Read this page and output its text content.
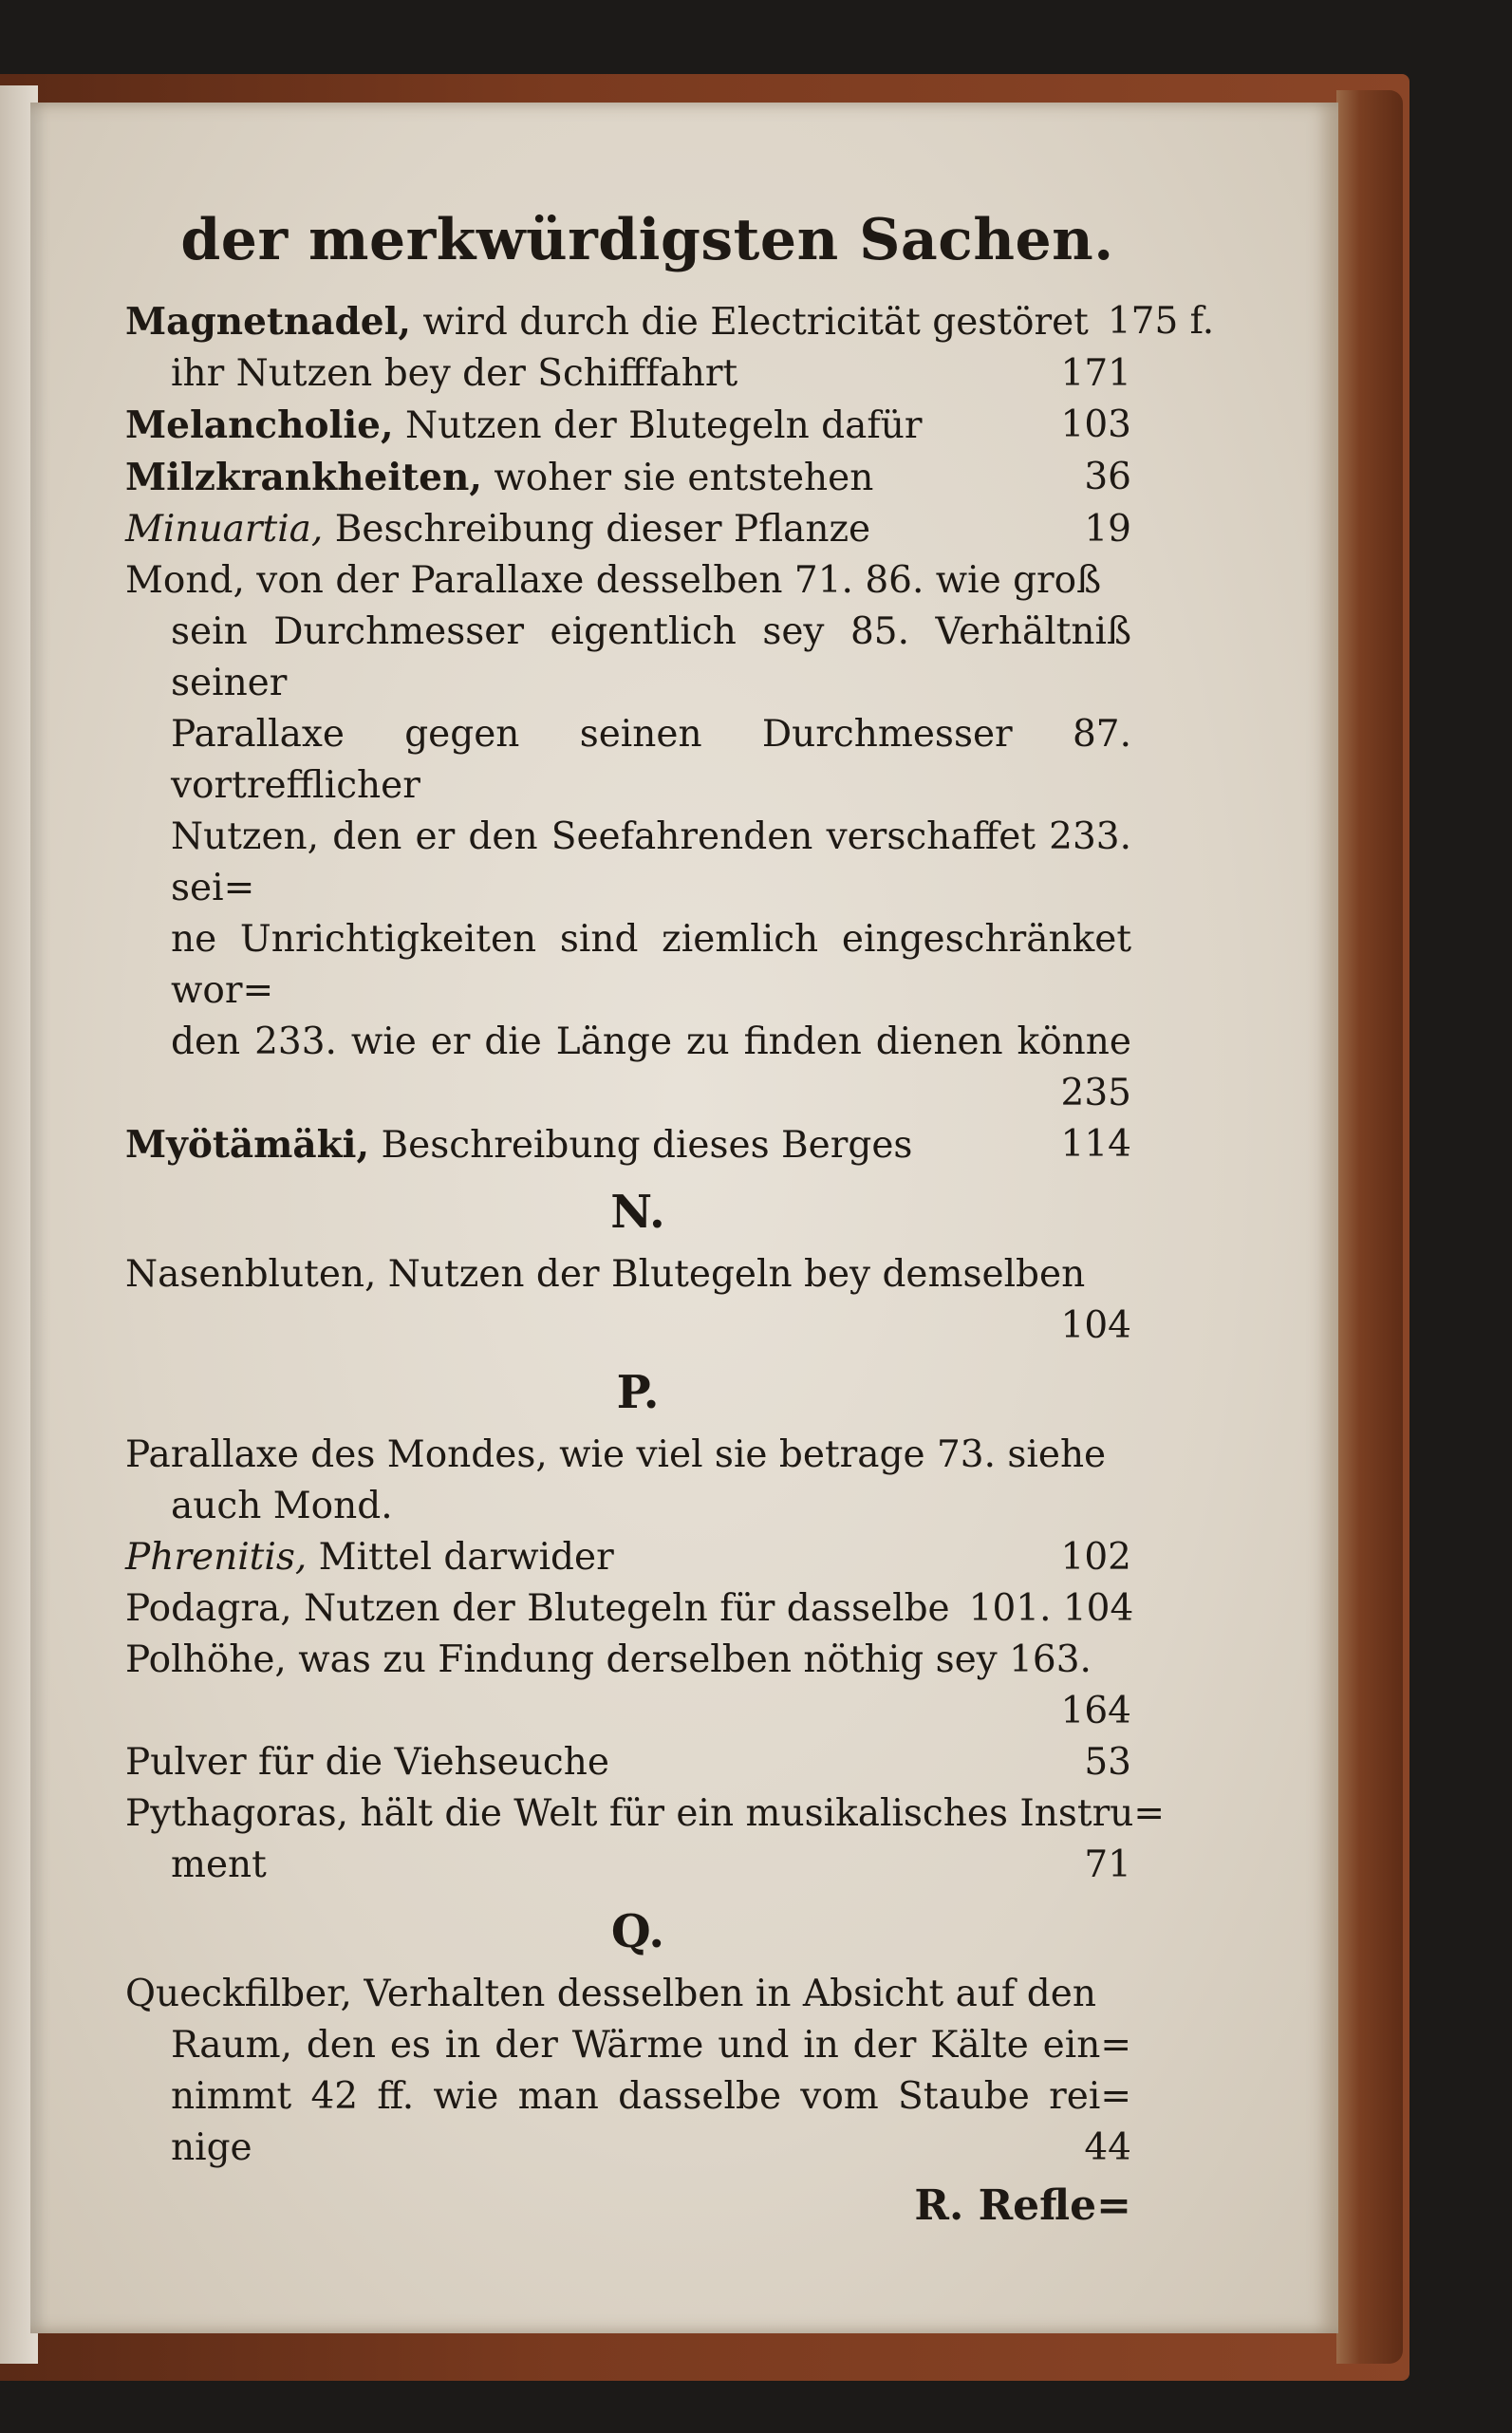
der merkwürdigsten Sachen.
Magnetnadel, wird durch die Electricität gestöret 175 f.
ihr Nutzen bey der Schifffahrt	171
Melancholie, Nutzen der Blutegeln dafür	103
Milzkrankheiten, woher sie entstehen	36
Minuartia, Beschreibung dieser Pflanze	19
Mond, von der Parallaxe desselben 71. 86. wie groß
sein Durchmesser eigentlich sey 85. Verhältniß seiner
Parallaxe gegen seinen Durchmesser 87. vortrefflicher
Nutzen, den er den Seefahrenden verschaffet 233. sei=
ne Unrichtigkeiten sind ziemlich eingeschränket wor=
den 233. wie er die Länge zu finden dienen könne
235
Myötämäki, Beschreibung dieses Berges	114
N.
Nasenbluten, Nutzen der Blutegeln bey demselben
104
P.
Parallaxe des Mondes, wie viel sie betrage 73. siehe
auch Mond.
Phrenitis, Mittel darwider	102
Podagra, Nutzen der Blutegeln für dasselbe 101. 104
Polhöhe, was zu Findung derselben nöthig sey 163.
164
Pulver für die Viehseuche	53
Pythagoras, hält die Welt für ein musikalisches Instru=
ment	71
Q.
Queckfilber, Verhalten desselben in Absicht auf den
Raum, den es in der Wärme und in der Kälte ein=
nimmt 42 ff. wie man dasselbe vom Staube rei=
nige	44
R. Refle=
